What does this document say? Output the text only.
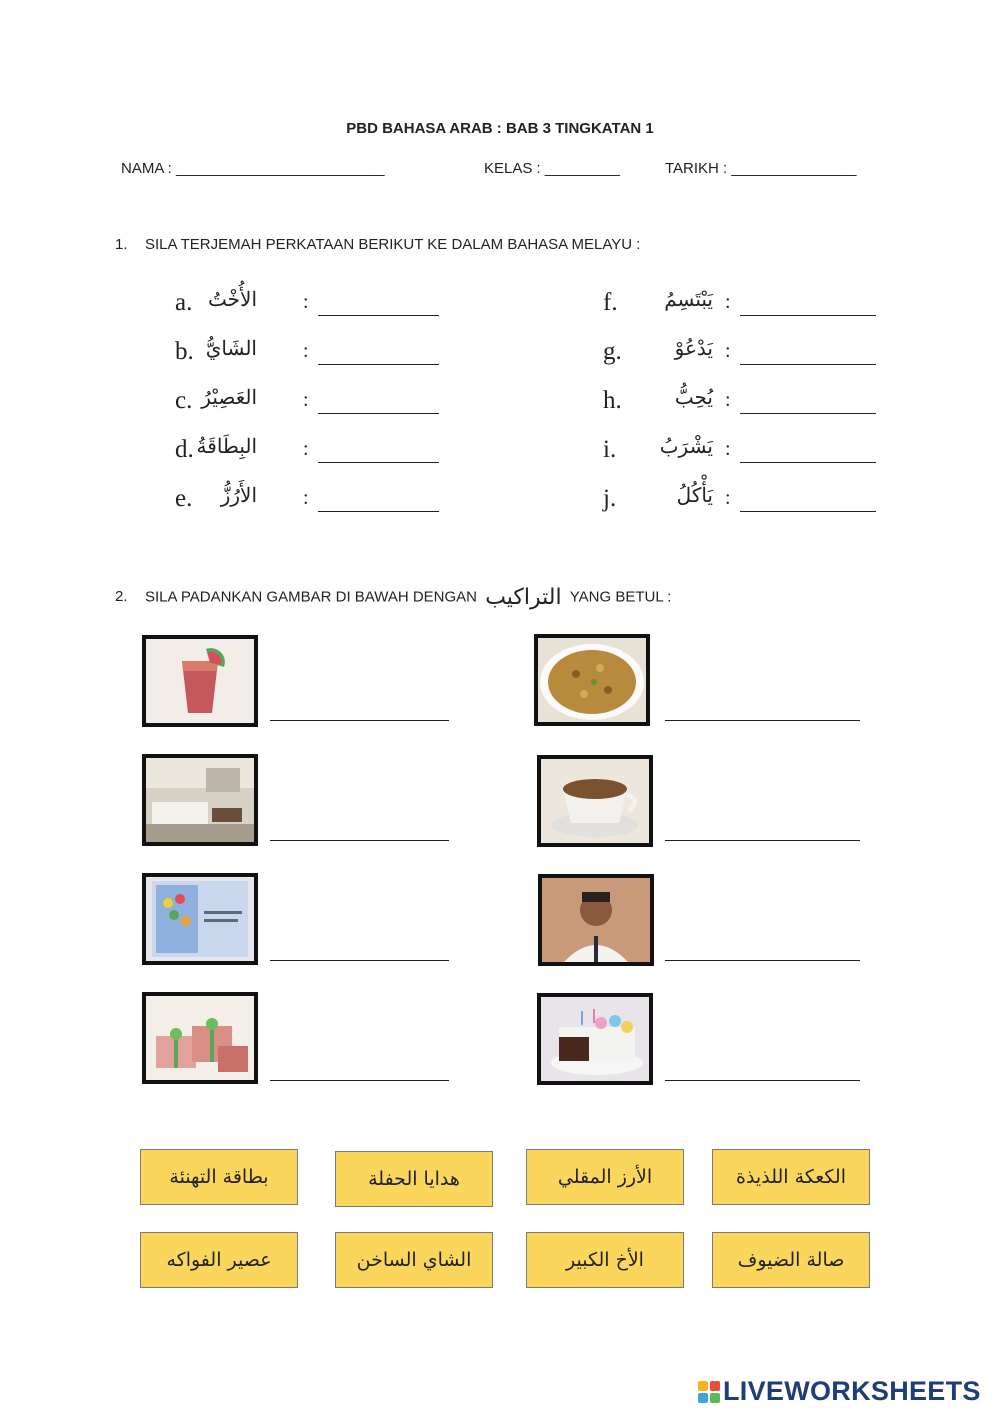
PBD BAHASA ARAB : BAB 3 TINGKATAN 1
NAMA : _________________________	KELAS : _________	TARIKH : _______________
1. SILA TERJEMAH PERKATAAN BERIKUT KE DALAM BAHASA MELAYU :
a. الأُخْتُ :
b. الشَايُّ :
c. العَصِيْرُ :
d. البِطَاقَةُ :
e. الأَرُزُّ :
f. يَبْتَسِمُ :
g.	يَدْعُوْ :
h.	يُحِبُّ :
i. يَشْرَبُ :
j.	يَأْكُلُ :
2. SILA PADANKAN GAMBAR DI BAWAH DENGAN التراكيب YANG BETUL :
بطاقة التهنئة	هدايا الحفلة	الأرز المقلي	الكعكة اللذيذة
عصير الفواكه	الشاي الساخن	الأخ الكبير	صالة الضيوف
LIVEWORKSHEETS
